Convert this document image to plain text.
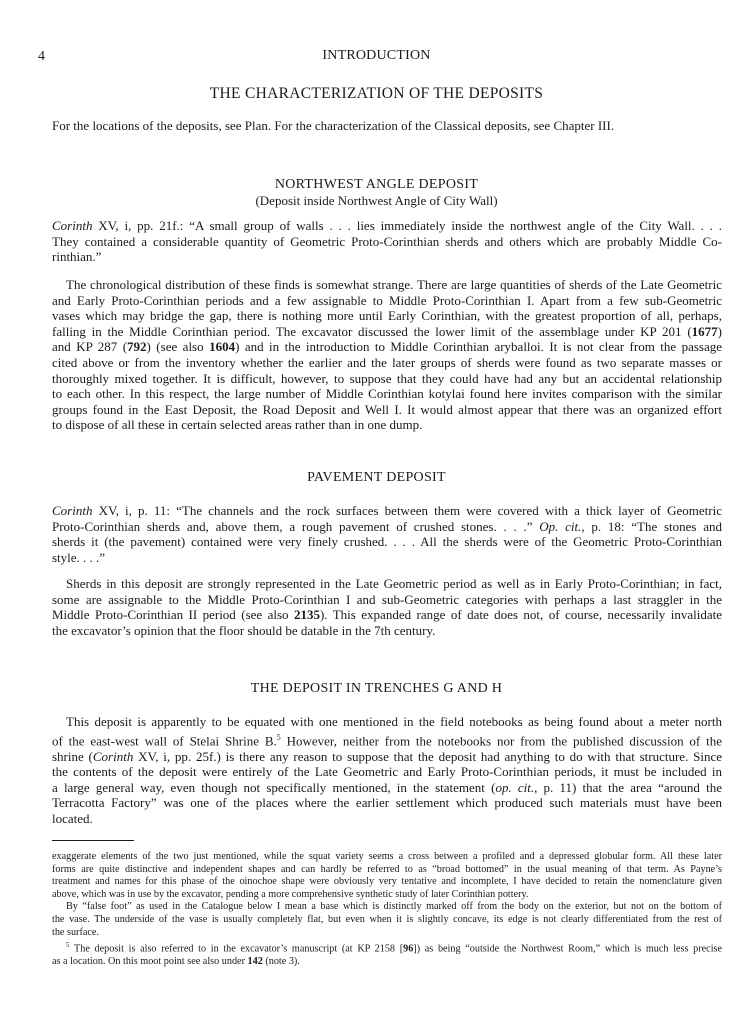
4	INTRODUCTION
THE CHARACTERIZATION OF THE DEPOSITS
For the locations of the deposits, see Plan. For the characterization of the Classical deposits, see Chapter III.
NORTHWEST ANGLE DEPOSIT
(Deposit inside Northwest Angle of City Wall)
Corinth XV, i, pp. 21f.: “A small group of walls . . . lies immediately inside the northwest angle of the City Wall. . . .
They contained a considerable quantity of Geometric Proto-Corinthian sherds and others which are probably Middle Co-
rinthian.”
The chronological distribution of these finds is somewhat strange. There are large quantities of sherds of the Late Geometric
and Early Proto-Corinthian periods and a few assignable to Middle Proto-Corinthian I. Apart from a few sub-Geometric
vases which may bridge the gap, there is nothing more until Early Corinthian, with the greatest proportion of all, perhaps,
falling in the Middle Corinthian period. The excavator discussed the lower limit of the assemblage under KP 201 (1677)
and KP 287 (792) (see also 1604) and in the introduction to Middle Corinthian aryballoi. It is not clear from the passage
cited above or from the inventory whether the earlier and the later groups of sherds were found as two separate masses or
thoroughly mixed together. It is difficult, however, to suppose that they could have had any but an accidental relationship
to each other. In this respect, the large number of Middle Corinthian kotylai found here invites comparison with the similar
groups found in the East Deposit, the Road Deposit and Well I. It would almost appear that there was an organized effort
to dispose of all these in certain selected areas rather than in one dump.
PAVEMENT DEPOSIT
Corinth XV, i, p. 11: “The channels and the rock surfaces between them were covered with a thick layer of Geometric
Proto-Corinthian sherds and, above them, a rough pavement of crushed stones. . . .” Op. cit., p. 18: “The stones and
sherds it (the pavement) contained were very finely crushed. . . . All the sherds were of the Geometric Proto-Corinthian
style. . . .”
Sherds in this deposit are strongly represented in the Late Geometric period as well as in Early Proto-Corinthian; in fact,
some are assignable to the Middle Proto-Corinthian I and sub-Geometric categories with perhaps a last straggler in the
Middle Proto-Corinthian II period (see also 2135). This expanded range of date does not, of course, necessarily invalidate
the excavator’s opinion that the floor should be datable in the 7th century.
THE DEPOSIT IN TRENCHES G AND H
This deposit is apparently to be equated with one mentioned in the field notebooks as being found about a meter north
of the east-west wall of Stelai Shrine B.$^5$ However, neither from the notebooks nor from the published discussion of the
shrine (Corinth XV, i, pp. 25f.) is there any reason to suppose that the deposit had anything to do with that structure. Since
the contents of the deposit were entirely of the Late Geometric and Early Proto-Corinthian periods, it must be included in
a large general way, even though not specifically mentioned, in the statement (op. cit., p. 11) that the area “around the
Terracotta Factory” was one of the places where the earlier settlement which produced such materials must have been
located.
exaggerate elements of the two just mentioned, while the squat variety seems a cross between a profiled and a depressed globular form. All these later
forms are quite distinctive and independent shapes and can hardly be referred to as “broad bottomed” in the usual meaning of that term. As Payne’s
treatment and names for this phase of the oinochoe shape were obviously very tentative and incomplete, I have decided to retain the nomenclature given
above, which was in use by the excavator, pending a more comprehensive synthetic study of later Corinthian pottery.
By “false foot” as used in the Catalogue below I mean a base which is distinctly marked off from the body on the exterior, but not on the bottom of
the vase. The underside of the vase is usually completely flat, but even when it is slightly concave, its edge is not clearly differentiated from the rest of
the surface.
$^5$ The deposit is also referred to in the excavator’s manuscript (at KP 2158 [96]) as being “outside the Northwest Room,” which is much less precise
as a location. On this moot point see also under 142 (note 3).
